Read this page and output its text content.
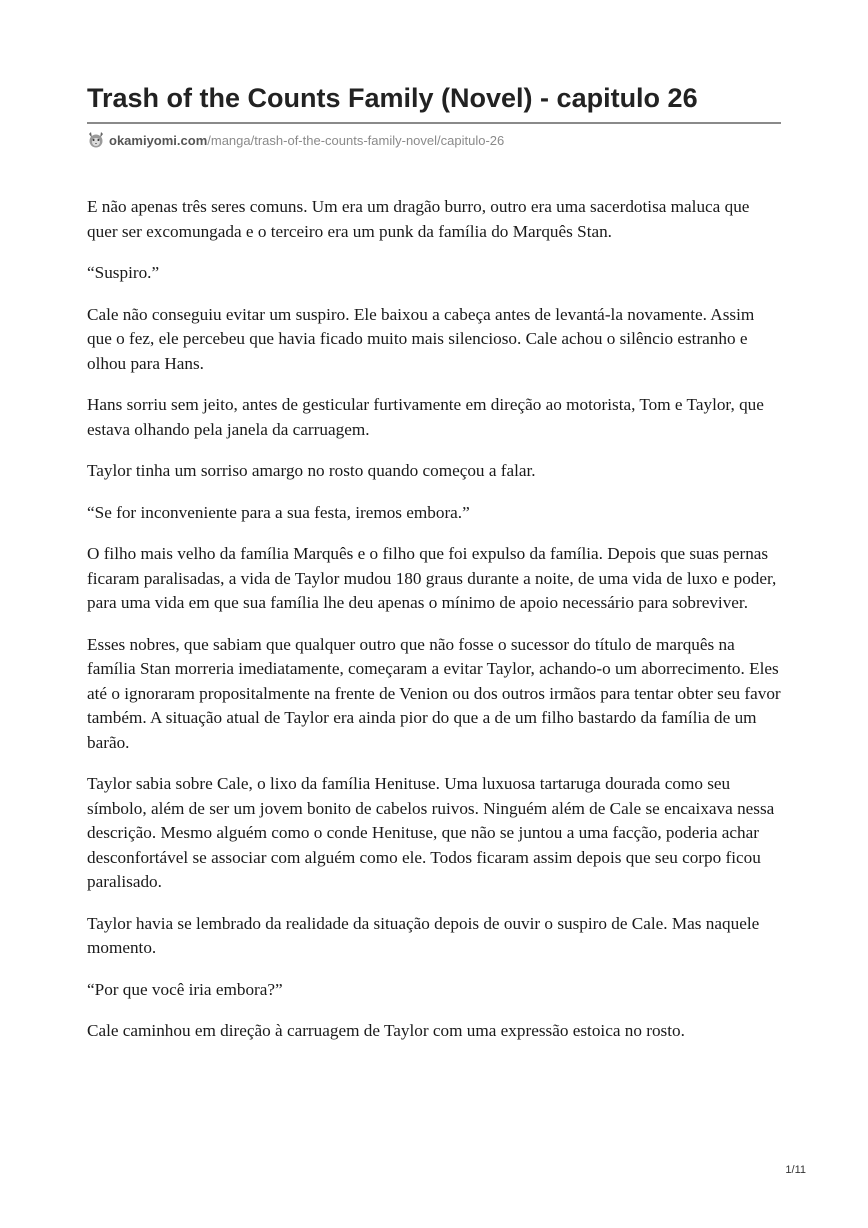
Trash of the Counts Family (Novel) - capitulo 26
okamiyomi.com/manga/trash-of-the-counts-family-novel/capitulo-26

E não apenas três seres comuns. Um era um dragão burro, outro era uma sacerdotisa maluca que quer ser excomungada e o terceiro era um punk da família do Marquês Stan.

“Suspiro.”

Cale não conseguiu evitar um suspiro. Ele baixou a cabeça antes de levantá-la novamente. Assim que o fez, ele percebeu que havia ficado muito mais silencioso. Cale achou o silêncio estranho e olhou para Hans.

Hans sorriu sem jeito, antes de gesticular furtivamente em direção ao motorista, Tom e Taylor, que estava olhando pela janela da carruagem.

Taylor tinha um sorriso amargo no rosto quando começou a falar.

“Se for inconveniente para a sua festa, iremos embora.”

O filho mais velho da família Marquês e o filho que foi expulso da família. Depois que suas pernas ficaram paralisadas, a vida de Taylor mudou 180 graus durante a noite, de uma vida de luxo e poder, para uma vida em que sua família lhe deu apenas o mínimo de apoio necessário para sobreviver.

Esses nobres, que sabiam que qualquer outro que não fosse o sucessor do título de marquês na família Stan morreria imediatamente, começaram a evitar Taylor, achando-o um aborrecimento. Eles até o ignoraram propositalmente na frente de Venion ou dos outros irmãos para tentar obter seu favor também. A situação atual de Taylor era ainda pior do que a de um filho bastardo da família de um barão.

Taylor sabia sobre Cale, o lixo da família Henituse. Uma luxuosa tartaruga dourada como seu símbolo, além de ser um jovem bonito de cabelos ruivos. Ninguém além de Cale se encaixava nessa descrição. Mesmo alguém como o conde Henituse, que não se juntou a uma facção, poderia achar desconfortável se associar com alguém como ele. Todos ficaram assim depois que seu corpo ficou paralisado.

Taylor havia se lembrado da realidade da situação depois de ouvir o suspiro de Cale. Mas naquele momento.

“Por que você iria embora?”

Cale caminhou em direção à carruagem de Taylor com uma expressão estoica no rosto.

1/11
